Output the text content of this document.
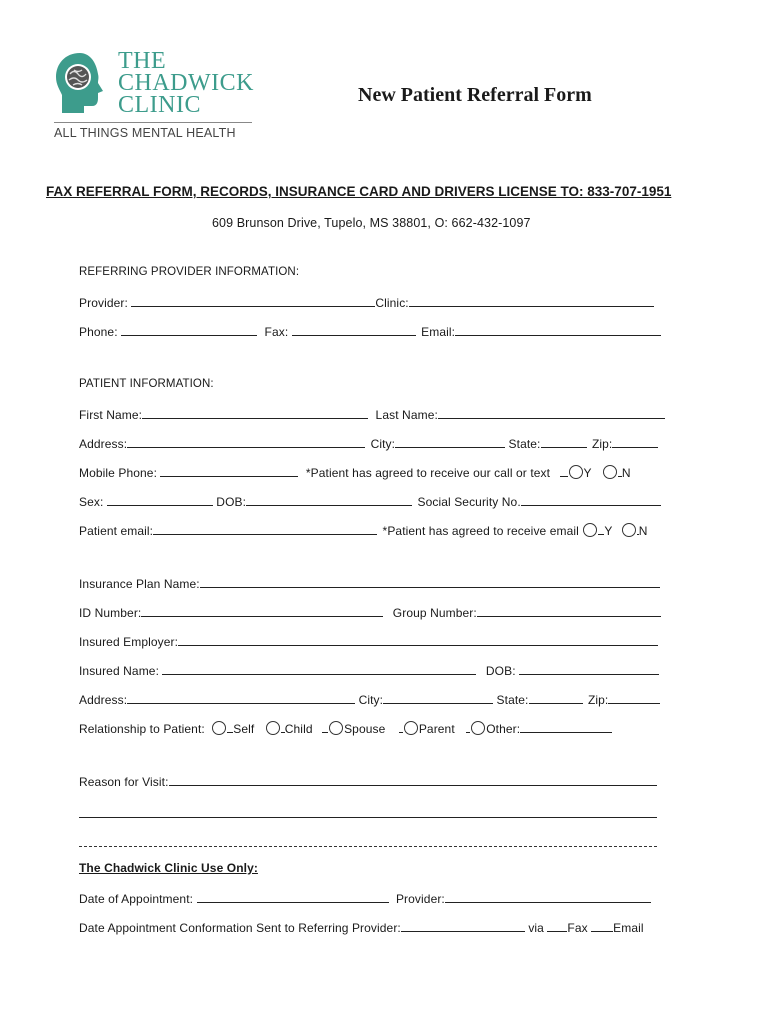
THE
CHADWICK
CLINIC
ALL THINGS MENTAL HEALTH
New Patient Referral Form
FAX REFERRAL FORM, RECORDS, INSURANCE CARD AND DRIVERS LICENSE TO: 833-707-1951
609 Brunson Drive, Tupelo, MS 38801, O: 662-432-1097
REFERRING PROVIDER INFORMATION:
Provider:	Clinic:
Phone:	Fax:	Email:
PATIENT INFORMATION:
First Name:	Last Name:
Address:	City:	State:	Zip:
Mobile Phone:	*Patient has agreed to receive our call or text	Y	N
Sex:	DOB:	Social Security No.
Patient email:	*Patient has agreed to receive email Y N
Insurance Plan Name:
ID Number:	Group Number:
Insured Employer:
Insured Name:	DOB:
Address:	City:	State:	Zip:
Relationship to Patient: Self	Child	Spouse	Parent	Other:
Reason for Visit:
The Chadwick Clinic Use Only:
Date of Appointment:	Provider:
Date Appointment Conformation Sent to Referring Provider:	via Fax Email
